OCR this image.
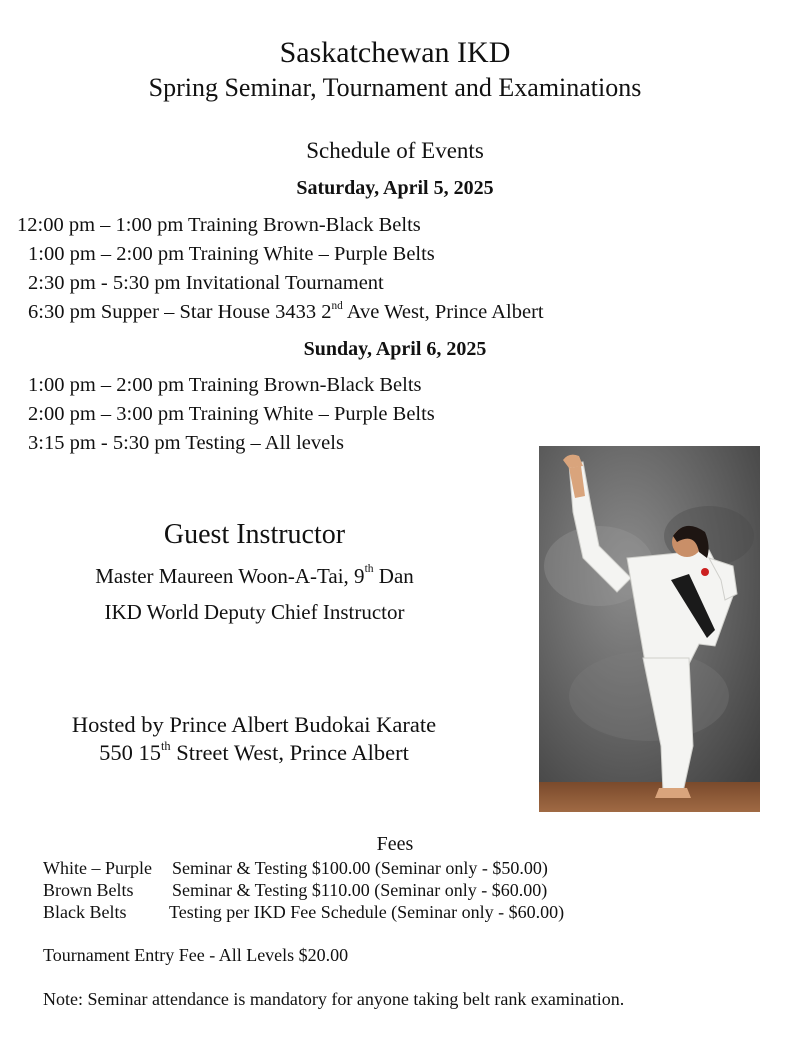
Saskatchewan IKD
Spring Seminar, Tournament and Examinations
Schedule of Events
Saturday, April 5, 2025
12:00 pm – 1:00 pm Training Brown-Black Belts
1:00 pm – 2:00 pm Training White – Purple Belts
2:30 pm - 5:30 pm Invitational Tournament
6:30 pm Supper – Star House 3433 2nd Ave West, Prince Albert
Sunday, April 6, 2025
1:00 pm – 2:00 pm Training Brown-Black Belts
2:00 pm – 3:00 pm Training White – Purple Belts
3:15 pm - 5:30 pm Testing – All levels
Guest Instructor
Master Maureen Woon-A-Tai, 9th Dan
IKD World Deputy Chief Instructor
Hosted by Prince Albert Budokai Karate
550 15th Street West, Prince Albert
Fees
White – Purple Seminar & Testing $100.00 (Seminar only - $50.00)
Brown Belts Seminar & Testing $110.00 (Seminar only - $60.00)
Black Belts Testing per IKD Fee Schedule (Seminar only - $60.00)
Tournament Entry Fee - All Levels $20.00
Note: Seminar attendance is mandatory for anyone taking belt rank examination.
